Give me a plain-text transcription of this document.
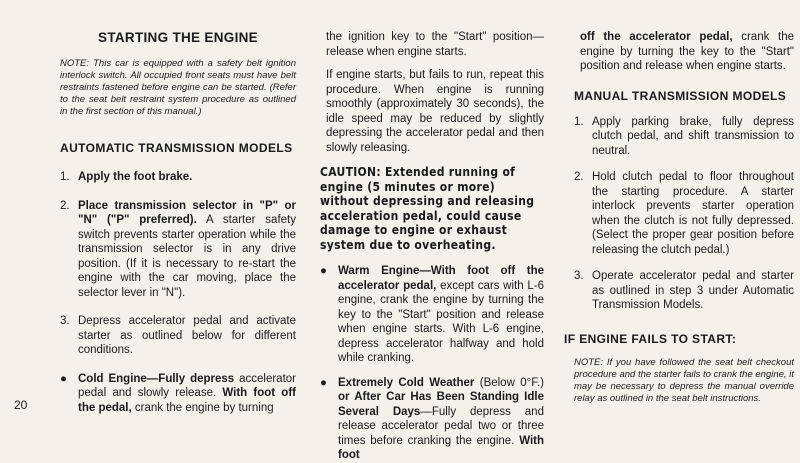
STARTING THE ENGINE

NOTE: This car is equipped with a safety belt ignition interlock switch. All occupied front seats must have belt restraints fastened before engine can be started. (Refer to the seat belt restraint system procedure as outlined in the first section of this manual.)

AUTOMATIC TRANSMISSION MODELS

1. Apply the foot brake.
2. Place transmission selector in "P" or "N" ("P" preferred). A starter safety switch prevents starter operation while the transmission selector is in any drive position. (If it is necessary to re-start the engine with the car moving, place the selector lever in "N").
3. Depress accelerator pedal and activate starter as outlined below for different conditions.
● Cold Engine—Fully depress accelerator pedal and slowly release. With foot off the pedal, crank the engine by turning

the ignition key to the "Start" position—release when engine starts.

If engine starts, but fails to run, repeat this procedure. When engine is running smoothly (approximately 30 seconds), the idle speed may be reduced by slightly depressing the accelerator pedal and then slowly releasing.

CAUTION: Extended running of engine (5 minutes or more) without depressing and releasing acceleration pedal, could cause damage to engine or exhaust system due to overheating.

● Warm Engine—With foot off the accelerator pedal, except cars with L-6 engine, crank the engine by turning the key to the "Start" position and release when engine starts. With L-6 engine, depress accelerator halfway and hold while cranking.
● Extremely Cold Weather (Below 0°F.) or After Car Has Been Standing Idle Several Days—Fully depress and release accelerator pedal two or three times before cranking the engine. With foot

off the accelerator pedal, crank the engine by turning the key to the "Start" position and release when engine starts.

MANUAL TRANSMISSION MODELS

1. Apply parking brake, fully depress clutch pedal, and shift transmission to neutral.
2. Hold clutch pedal to floor throughout the starting procedure. A starter interlock prevents starter operation when the clutch is not fully depressed. (Select the proper gear position before releasing the clutch pedal.)
3. Operate accelerator pedal and starter as outlined in step 3 under Automatic Transmission Models.

IF ENGINE FAILS TO START:

NOTE: If you have followed the seat belt checkout procedure and the starter fails to crank the engine, it may be necessary to depress the manual override relay as outlined in the seat belt instructions.

20
